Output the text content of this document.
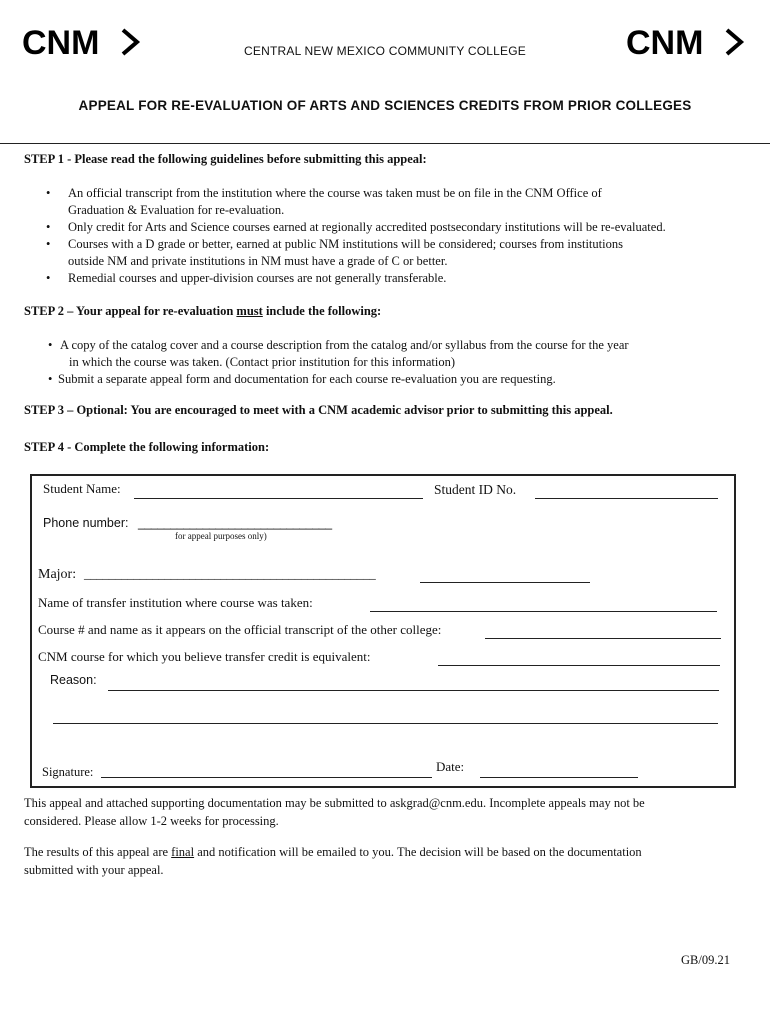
CNM	CNM
CENTRAL NEW MEXICO COMMUNITY COLLEGE
APPEAL FOR RE-EVALUATION OF ARTS AND SCIENCES CREDITS FROM PRIOR COLLEGES
STEP 1 - Please read the following guidelines before submitting this appeal:
• An official transcript from the institution where the course was taken must be on file in the CNM Office of
Graduation & Evaluation for re-evaluation.
• Only credit for Arts and Science courses earned at regionally accredited postsecondary institutions will be re-evaluated.
• Courses with a D grade or better, earned at public NM institutions will be considered; courses from institutions
outside NM and private institutions in NM must have a grade of C or better.
• Remedial courses and upper-division courses are not generally transferable.
STEP 2 – Your appeal for re-evaluation must include the following:
• A copy of the catalog cover and a course description from the catalog and/or syllabus from the course for the year
in which the course was taken. (Contact prior institution for this information)
• Submit a separate appeal form and documentation for each course re-evaluation you are requesting.
STEP 3 – Optional: You are encouraged to meet with a CNM academic advisor prior to submitting this appeal.
STEP 4 - Complete the following information:
Student Name:	Student ID No.
Phone number: ______________________________
for appeal purposes only)
Major: _______________________________________________
Name of transfer institution where course was taken:
Course # and name as it appears on the official transcript of the other college:
CNM course for which you believe transfer credit is equivalent:
Reason:
Signature:	Date:
This appeal and attached supporting documentation may be submitted to askgrad@cnm.edu. Incomplete appeals may not be
considered. Please allow 1-2 weeks for processing.
The results of this appeal are final and notification will be emailed to you. The decision will be based on the documentation
submitted with your appeal.
GB/09.21
